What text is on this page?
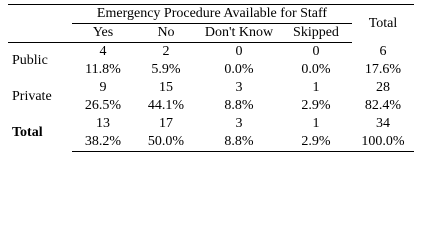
	Emergency Procedure Available for Staff				Total
	Yes	No	Don't Know	Skipped	
Public	4	2	0	0	6
	11.8%	5.9%	0.0%	0.0%	17.6%
Private	9	15	3	1	28
	26.5%	44.1%	8.8%	2.9%	82.4%
Total	13	17	3	1	34
	38.2%	50.0%	8.8%	2.9%	100.0%
